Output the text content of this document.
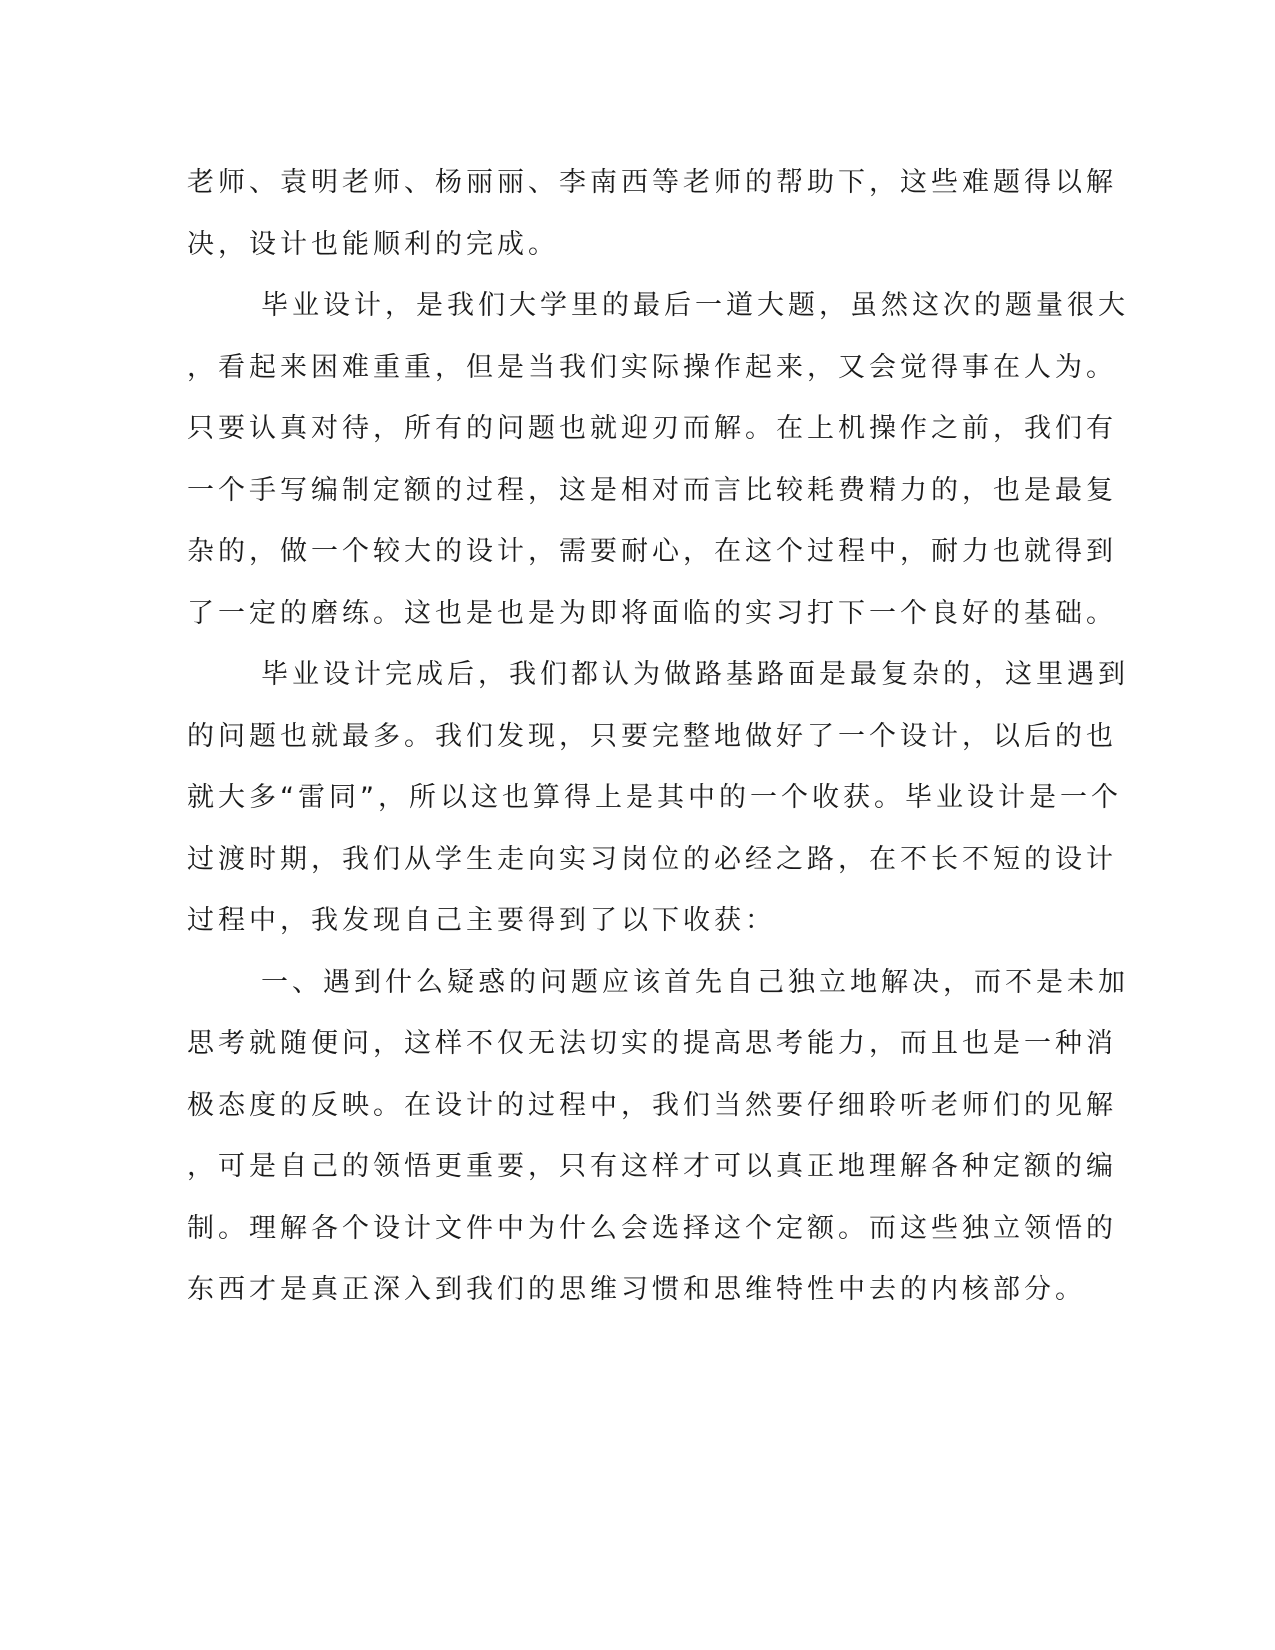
老师、袁明老师、杨丽丽、李南西等老师的帮助下，这些难题得以解
决，设计也能顺利的完成。
毕业设计，是我们大学里的最后一道大题，虽然这次的题量很大
，看起来困难重重，但是当我们实际操作起来，又会觉得事在人为。
只要认真对待，所有的问题也就迎刃而解。在上机操作之前，我们有
一个手写编制定额的过程，这是相对而言比较耗费精力的，也是最复
杂的，做一个较大的设计，需要耐心，在这个过程中，耐力也就得到
了一定的磨练。这也是也是为即将面临的实习打下一个良好的基础。
毕业设计完成后，我们都认为做路基路面是最复杂的，这里遇到
的问题也就最多。我们发现，只要完整地做好了一个设计，以后的也
就大多“雷同”，所以这也算得上是其中的一个收获。毕业设计是一个
过渡时期，我们从学生走向实习岗位的必经之路，在不长不短的设计
过程中，我发现自己主要得到了以下收获：
一、遇到什么疑惑的问题应该首先自己独立地解决，而不是未加
思考就随便问，这样不仅无法切实的提高思考能力，而且也是一种消
极态度的反映。在设计的过程中，我们当然要仔细聆听老师们的见解
，可是自己的领悟更重要，只有这样才可以真正地理解各种定额的编
制。理解各个设计文件中为什么会选择这个定额。而这些独立领悟的
东西才是真正深入到我们的思维习惯和思维特性中去的内核部分。
